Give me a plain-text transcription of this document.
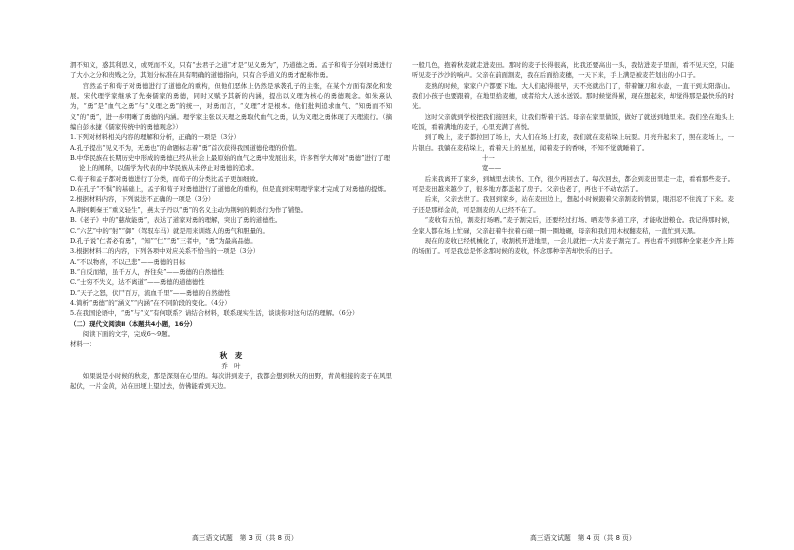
渭不知义，惑其利思义，或死而不义，只有“去君子之道”才是“见义勇为”，乃道德之勇。孟子和荀子分别对勇进行了大小之分和贵贱之分，其划分标准在具有明确的道德指向，只有合乎道义的勇才配称作勇。

宫然孟子和荀子对勇德进行了道德化的重构，但他们恶体上仍然是承袭孔子的主张，在某个方面有深化和发展。宋代理学家继承了先秦儒家的勇德，同时又赋予其新的内涵，提出以义理为核心的勇德观念。如朱熹认为，“勇”是“血气之勇”与“义理之勇”的统一，对勇而言，“义理”才是根本。他们批判追求血气、“知勇而不知义”的“勇”，进一步明晰了勇德的内涵。理学家主张以天理之勇取代血气之勇，认为义理之勇体现了天理流行。（摘编自彭永捷《儒家传统中的勇德观念》）

1.下列对材料相关内容的理解和分析，正确的一项是（3分）

A.孔子提出“见义不为，无勇也”的命题标志着“勇”首次获得我国道德伦理的价值。

B.中华民族在长期历史中形成的勇德已经从社会上最原始的血气之勇中发展出来，许多哲学大师对“勇德”进行了理论上的阐释，以儒学为代表的中华民族从未停止对勇德的追求。

C.荀子和孟子都对勇德进行了分类，而荀子的分类比孟子更加细致。

D.在孔子“不惧”的基础上，孟子和荀子对勇德进行了道德化的重构，但是直到宋明理学家才完成了对勇德的提炼。

2.根据材料内容，下列说法不正确的一项是（3分）

A.荆轲刺秦王“重义轻生”，燕太子丹以“勇”的名义主动为荆轲的刺杀行为作了铺垫。

B.《老子》中的“慈故能勇”，表达了道家对勇的理解，突出了勇的道德性。

C.“六艺”中的“射”“御”（驾驭车马）就是用来训练人的勇气和胆量的。

D.孔子说“仁者必有勇”，“知”“仁”“勇”三者中，“勇”为最高品德。

3.根据材料二的内容，下列各项中对应关系不恰当的一项是（3分）

A.“不以物喜，不以己悲”——勇德的目标

B.“自反而缩，虽千万人，吾往矣”——勇德的自然德性

C.“士穷不失义，达不离道”——勇德的道德德性

D.“天子之怒，伏尸百万，流血千里”——勇德的自然德性

4.简析“勇德”的“涵义”“内涵”在不同阶段的变化。（4分）

5.在我国论语中，“勇”与“义”有何联系？请结合材料，联系现实生活，谈谈你对这句话的理解。（6分）

（二）现代文阅读Ⅱ（本题共4小题，16分）

阅读下面的文字，完成6～9题。

材料一：

秋　麦

乔　叶

如果说是小时候的秋麦，那是深刻在心里的。每次讲到麦子，我都会想到秋天的田野，青黄相接的麦子在风里起伏，一片金黄，站在田埂上望过去，仿佛能看到天边。

一般几色，抱着秋麦就走进麦田。那时的麦子长得很高，比我还要高出一头，我钻进麦子里面，看不见天空，只能听见麦子沙沙的响声。父亲在前面割麦，我在后面拾麦穗，一天下来，手上满是被麦芒划出的小口子。

麦熟的时候，家家户户都要下地。大人们起得很早，天不亮就出门了，带着镰刀和水壶，一直干到太阳落山。我们小孩子也要跟着，在地里拾麦穗，或者给大人送水送饭。那时候觉得累，现在想起来，却觉得那是最快乐的时光。

这时父亲就到学校把我们接回来，让我们帮着干活。母亲在家里做饭，做好了就送到地里来。我们坐在地头上吃饭，看着满地的麦子，心里充满了喜悦。

到了晚上，麦子都拉回了场上，大人们在场上打麦，我们就在麦秸垛上玩耍。月亮升起来了，照在麦场上，一片银白。我躺在麦秸垛上，看着天上的星星，闻着麦子的香味，不知不觉就睡着了。

十一

宽——

后来我离开了家乡，到城里去读书、工作，很少再回去了。每次回去，都会到麦田里走一走，看看那些麦子。可是麦田越来越少了，很多地方都盖起了房子。父亲也老了，再也干不动农活了。

后来，父亲去世了。我回到家乡，站在麦田边上，想起小时候跟着父亲割麦的情景，眼泪忍不住流了下来。麦子还是那样金黄，可是割麦的人已经不在了。

“麦收有五怕，割麦打场晒。”麦子割完后，还要经过打场、晒麦等多道工序，才能收进粮仓。我记得那时候，全家人都在场上忙碌，父亲赶着牛拉着石磙一圈一圈地碾，母亲和我们用木杈翻麦秸，一直忙到天黑。

现在的麦收已经机械化了，收割机开进地里，一会儿就把一大片麦子割完了。再也看不到那种全家老少齐上阵的场面了。可是我总是怀念那时候的麦收，怀念那种辛苦却快乐的日子。

高三语文试题　第 3 页（共 8 页）	高三语文试题　第 4 页（共 8 页）
